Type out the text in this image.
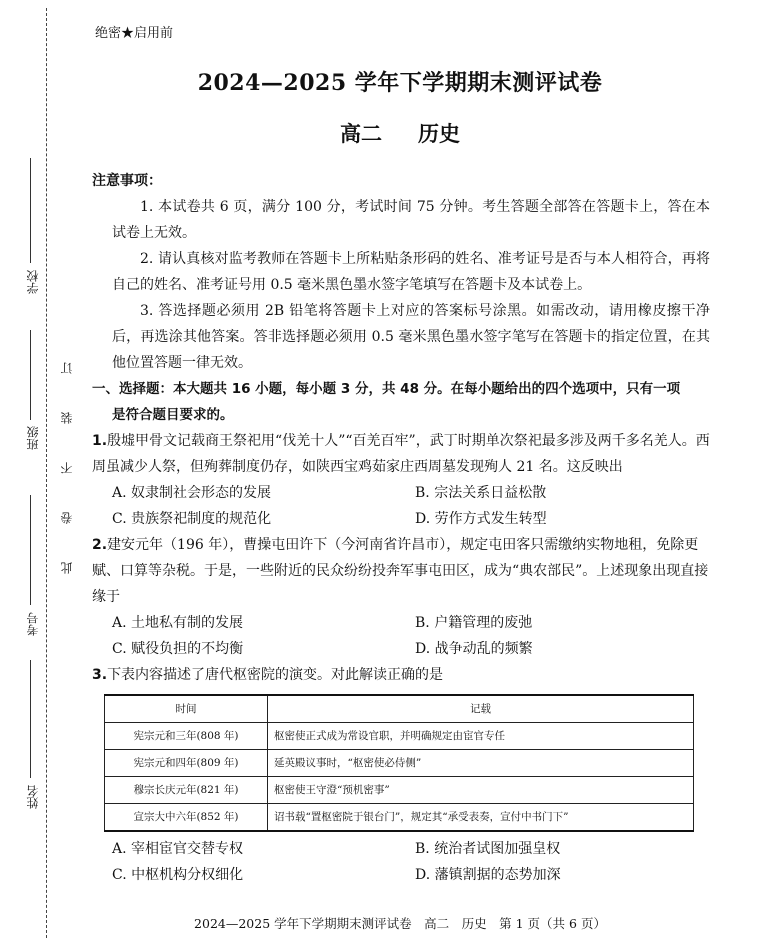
学校
班级
考号
姓名
此
卷
不
装
订
绝密★启用前
2024—2025 学年下学期期末测评试卷
高二 历史
注意事项：

1. 本试卷共 6 页，满分 100 分，考试时间 75 分钟。考生答题全部答在答题卡上，答在本试卷上无效。

2. 请认真核对监考教师在答题卡上所粘贴条形码的姓名、准考证号是否与本人相符合，再将自己的姓名、准考证号用 0.5 毫米黑色墨水签字笔填写在答题卡及本试卷上。

3. 答选择题必须用 2B 铅笔将答题卡上对应的答案标号涂黑。如需改动，请用橡皮擦干净后，再选涂其他答案。答非选择题必须用 0.5 毫米黑色墨水签字笔写在答题卡的指定位置，在其他位置答题一律无效。

一、选择题：本大题共 16 小题，每小题 3 分，共 48 分。在每小题给出的四个选项中，只有一项
是符合题目要求的。
1.殷墟甲骨文记载商王祭祀用“伐羌十人”“百羌百牢”，武丁时期单次祭祀最多涉及两千多名羌人。西周虽减少人祭，但殉葬制度仍存，如陕西宝鸡茹家庄西周墓发现殉人 21 名。这反映出
A. 奴隶制社会形态的发展	B. 宗法关系日益松散
C. 贵族祭祀制度的规范化	D. 劳作方式发生转型
2.建安元年（196 年），曹操屯田许下（今河南省许昌市），规定屯田客只需缴纳实物地租，免除更赋、口算等杂税。于是，一些附近的民众纷纷投奔军事屯田区，成为“典农部民”。上述现象出现直接缘于
A. 土地私有制的发展	B. 户籍管理的废弛
C. 赋役负担的不均衡	D. 战争动乱的频繁
3.下表内容描述了唐代枢密院的演变。对此解读正确的是
时间	记载
宪宗元和三年(808 年)	枢密使正式成为常设官职，并明确规定由宦官专任
宪宗元和四年(809 年)	延英殿议事时，“枢密使必侍侧”
穆宗长庆元年(821 年)	枢密使王守澄“预机密事”
宣宗大中六年(852 年)	诏书载“置枢密院于银台门”，规定其“承受表奏，宣付中书门下”
A. 宰相宦官交替专权	B. 统治者试图加强皇权
C. 中枢机构分权细化	D. 藩镇割据的态势加深
2024—2025 学年下学期期末测评试卷　高二　历史　第 1 页（共 6 页）
